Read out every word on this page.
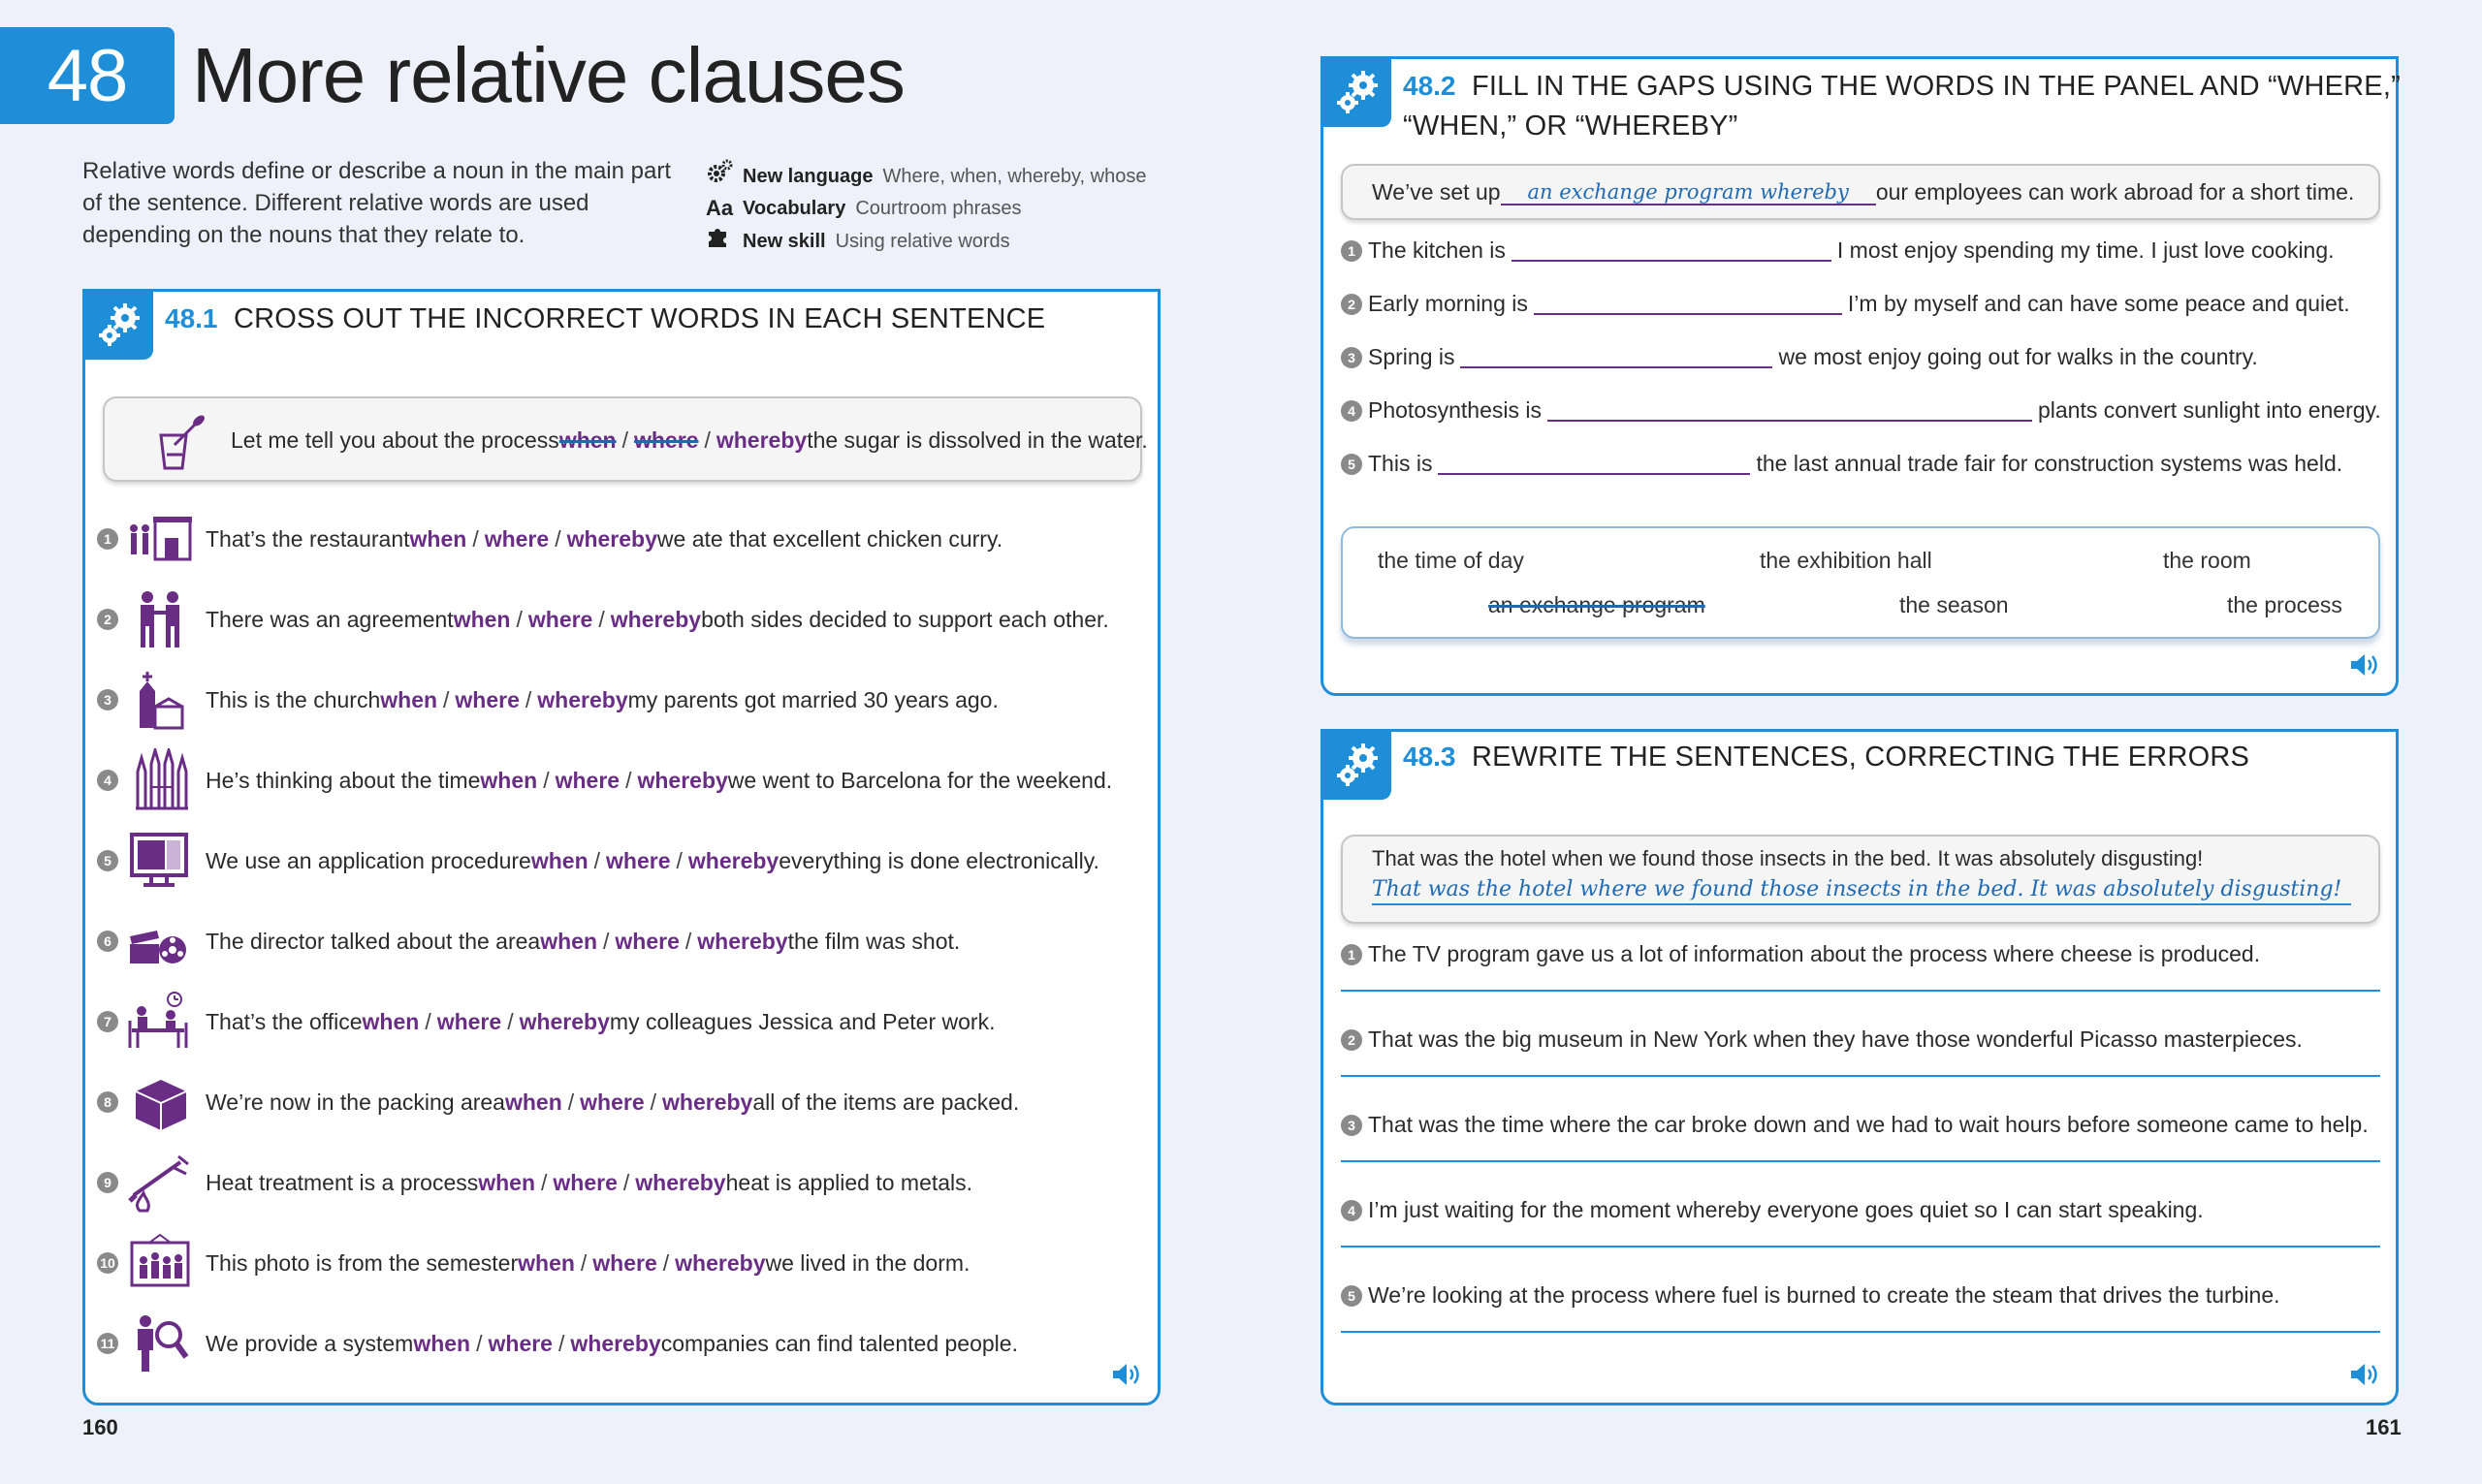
48 More relative clauses
Relative words define or describe a noun in the main part of the sentence. Different relative words are used depending on the nouns that they relate to.
New language Where, when, whereby, whose
Aa Vocabulary Courtroom phrases
New skill Using relative words
48.1 CROSS OUT THE INCORRECT WORDS IN EACH SENTENCE
Let me tell you about the process when / where / whereby the sugar is dissolved in the water.
1	That’s the restaurant when / where / whereby we ate that excellent chicken curry.
2	There was an agreement when / where / whereby both sides decided to support each other.
3	This is the church when / where / whereby my parents got married 30 years ago.
4	He’s thinking about the time when / where / whereby we went to Barcelona for the weekend.
5	We use an application procedure when / where / whereby everything is done electronically.
6	The director talked about the area when / where / whereby the film was shot.
7	That’s the office when / where / whereby my colleagues Jessica and Peter work.
8	We’re now in the packing area when / where / whereby all of the items are packed.
9	Heat treatment is a process when / where / whereby heat is applied to metals.
10	This photo is from the semester when / where / whereby we lived in the dorm.
11	We provide a system when / where / whereby companies can find talented people.
48.2 FILL IN THE GAPS USING THE WORDS IN THE PANEL AND “WHERE,”
“WHEN,” OR “WHEREBY”
We’ve set up	an exchange program whereby	our employees can work abroad for a short time.
1 The kitchen is	I most enjoy spending my time. I just love cooking.
2 Early morning is	I’m by myself and can have some peace and quiet.
3 Spring is	we most enjoy going out for walks in the country.
4 Photosynthesis is	plants convert sunlight into energy.
5 This is	the last annual trade fair for construction systems was held.
the time of day	the exhibition hall	the room
an exchange program	the season	the process
48.3 REWRITE THE SENTENCES, CORRECTING THE ERRORS
That was the hotel when we found those insects in the bed. It was absolutely disgusting!
That was the hotel where we found those insects in the bed. It was absolutely disgusting!
1 The TV program gave us a lot of information about the process where cheese is produced.
2 That was the big museum in New York when they have those wonderful Picasso masterpieces.
3 That was the time where the car broke down and we had to wait hours before someone came to help.
4 I’m just waiting for the moment whereby everyone goes quiet so I can start speaking.
5 We’re looking at the process where fuel is burned to create the steam that drives the turbine.
160	161
